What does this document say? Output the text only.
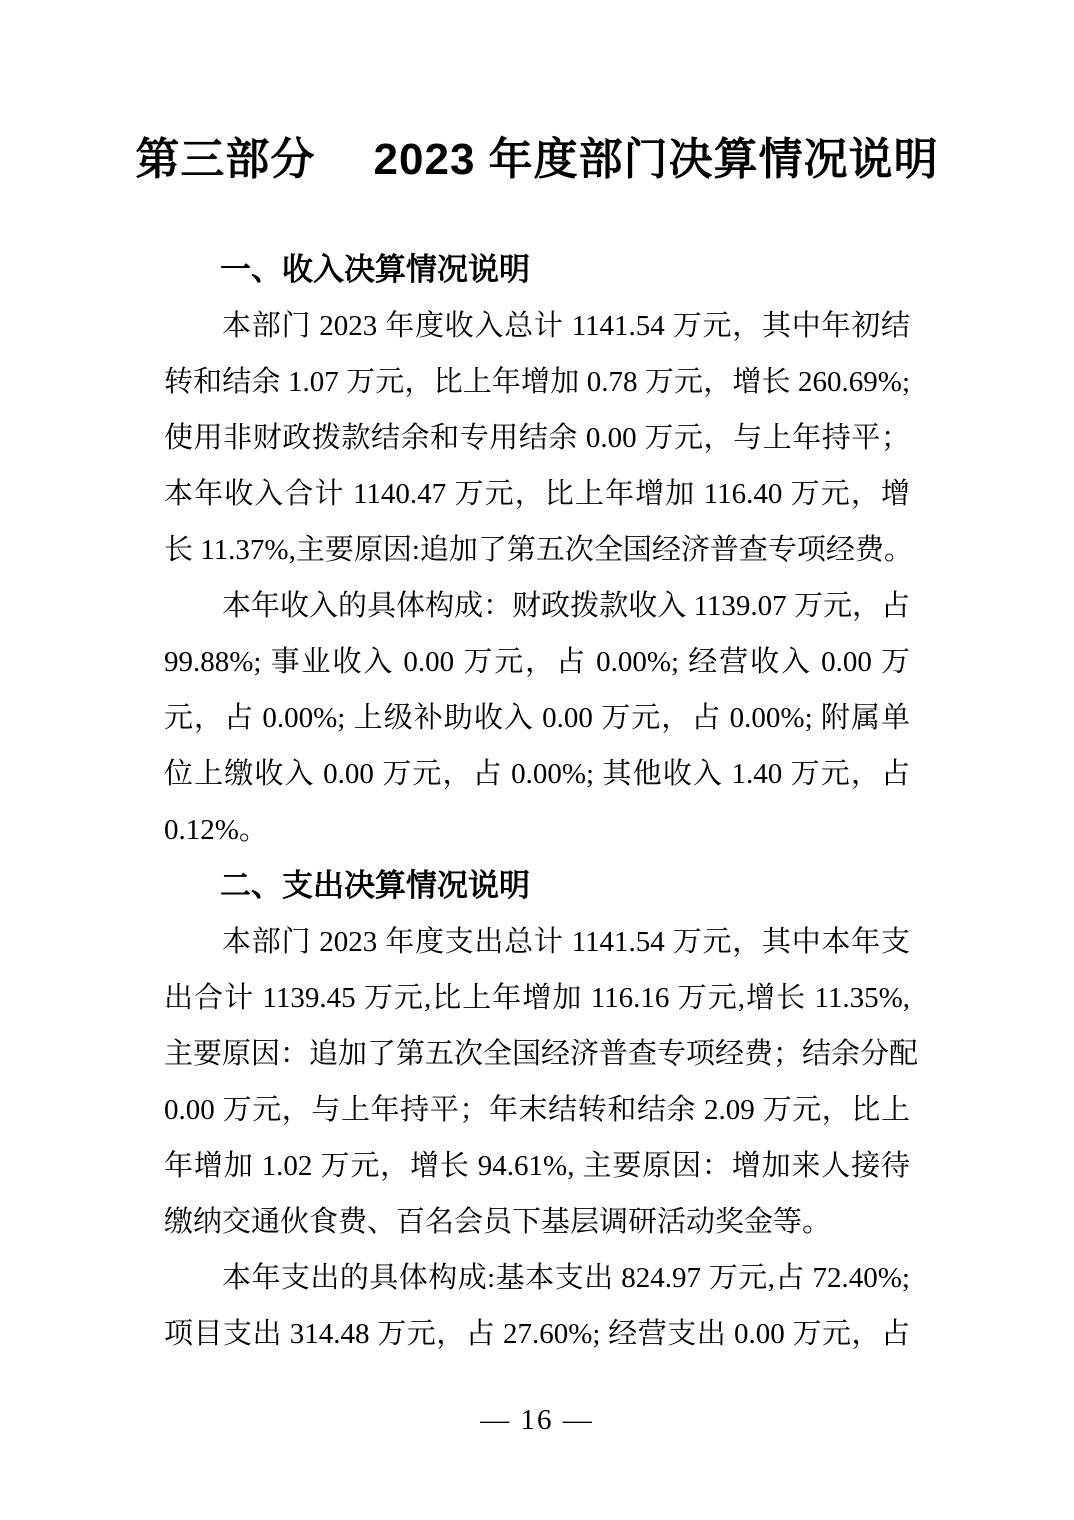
第三部分　 2023 年度部门决算情况说明
一、收入决算情况说明
本部门 2023 年度收入总计 1141.54 万元，其中年初结
转和结余 1.07 万元，比上年增加 0.78 万元，增长 260.69%;
使用非财政拨款结余和专用结余 0.00 万元，与上年持平；
本年收入合计 1140.47 万元，比上年增加 116.40 万元，增
长 11.37%,主要原因:追加了第五次全国经济普查专项经费。
本年收入的具体构成：财政拨款收入 1139.07 万元，占
99.88%; 事业收入 0.00 万元，占 0.00%; 经营收入 0.00 万
元，占 0.00%; 上级补助收入 0.00 万元，占 0.00%; 附属单
位上缴收入 0.00 万元，占 0.00%; 其他收入 1.40 万元，占
0.12%。
二、支出决算情况说明
本部门 2023 年度支出总计 1141.54 万元，其中本年支
出合计 1139.45 万元,比上年增加 116.16 万元,增长 11.35%,
主要原因：追加了第五次全国经济普查专项经费；结余分配
0.00 万元，与上年持平；年末结转和结余 2.09 万元，比上
年增加 1.02 万元，增长 94.61%, 主要原因：增加来人接待
缴纳交通伙食费、百名会员下基层调研活动奖金等。
本年支出的具体构成:基本支出 824.97 万元,占 72.40%;
项目支出 314.48 万元，占 27.60%; 经营支出 0.00 万元，占
— 16 —
